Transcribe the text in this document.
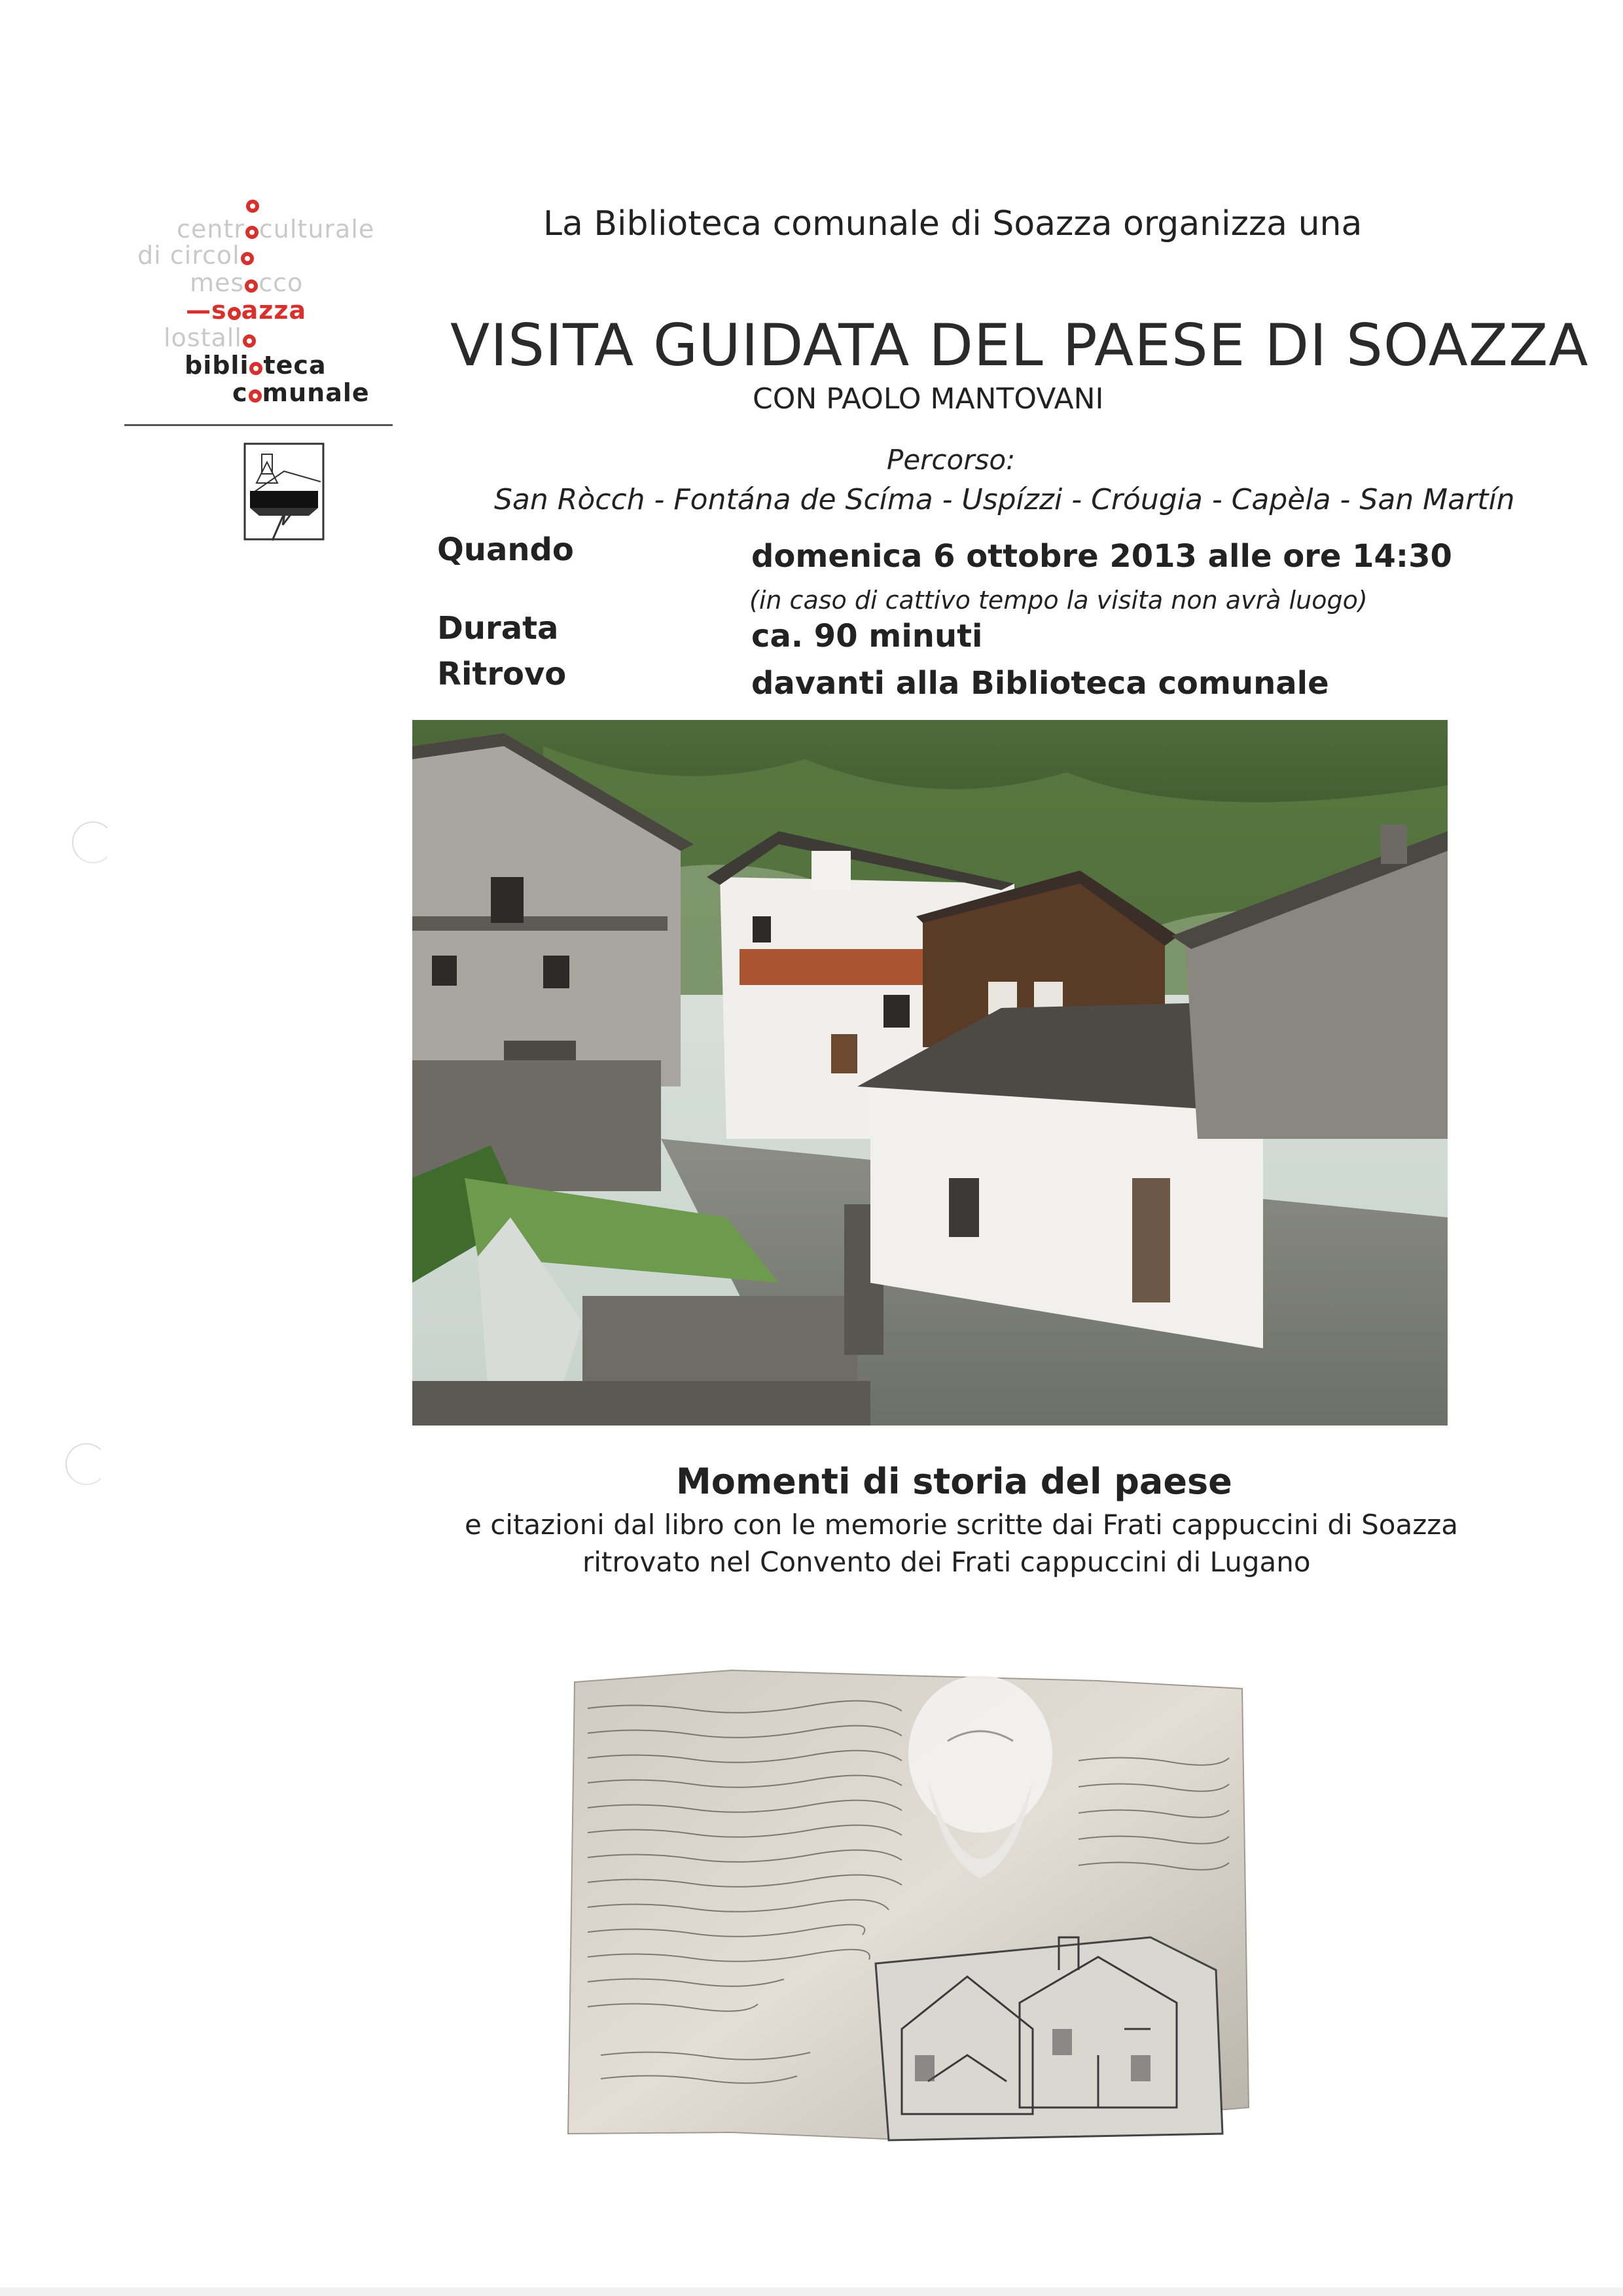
centr culturale
di circol
mes cco
—s azza
lostall
bibli teca
c munale
La Biblioteca comunale di Soazza organizza una
VISITA GUIDATA DEL PAESE DI SOAZZA
CON PAOLO MANTOVANI
Percorso:
San Ròcch - Fontána de Scíma - Uspízzi - Cróugia - Capèla - San Martín
Quando	domenica 6 ottobre 2013 alle ore 14:30
(in caso di cattivo tempo la visita non avrà luogo)
Durata	ca. 90 minuti
Ritrovo	davanti alla Biblioteca comunale
Momenti di storia del paese
e citazioni dal libro con le memorie scritte dai Frati cappuccini di Soazza
ritrovato nel Convento dei Frati cappuccini di Lugano
